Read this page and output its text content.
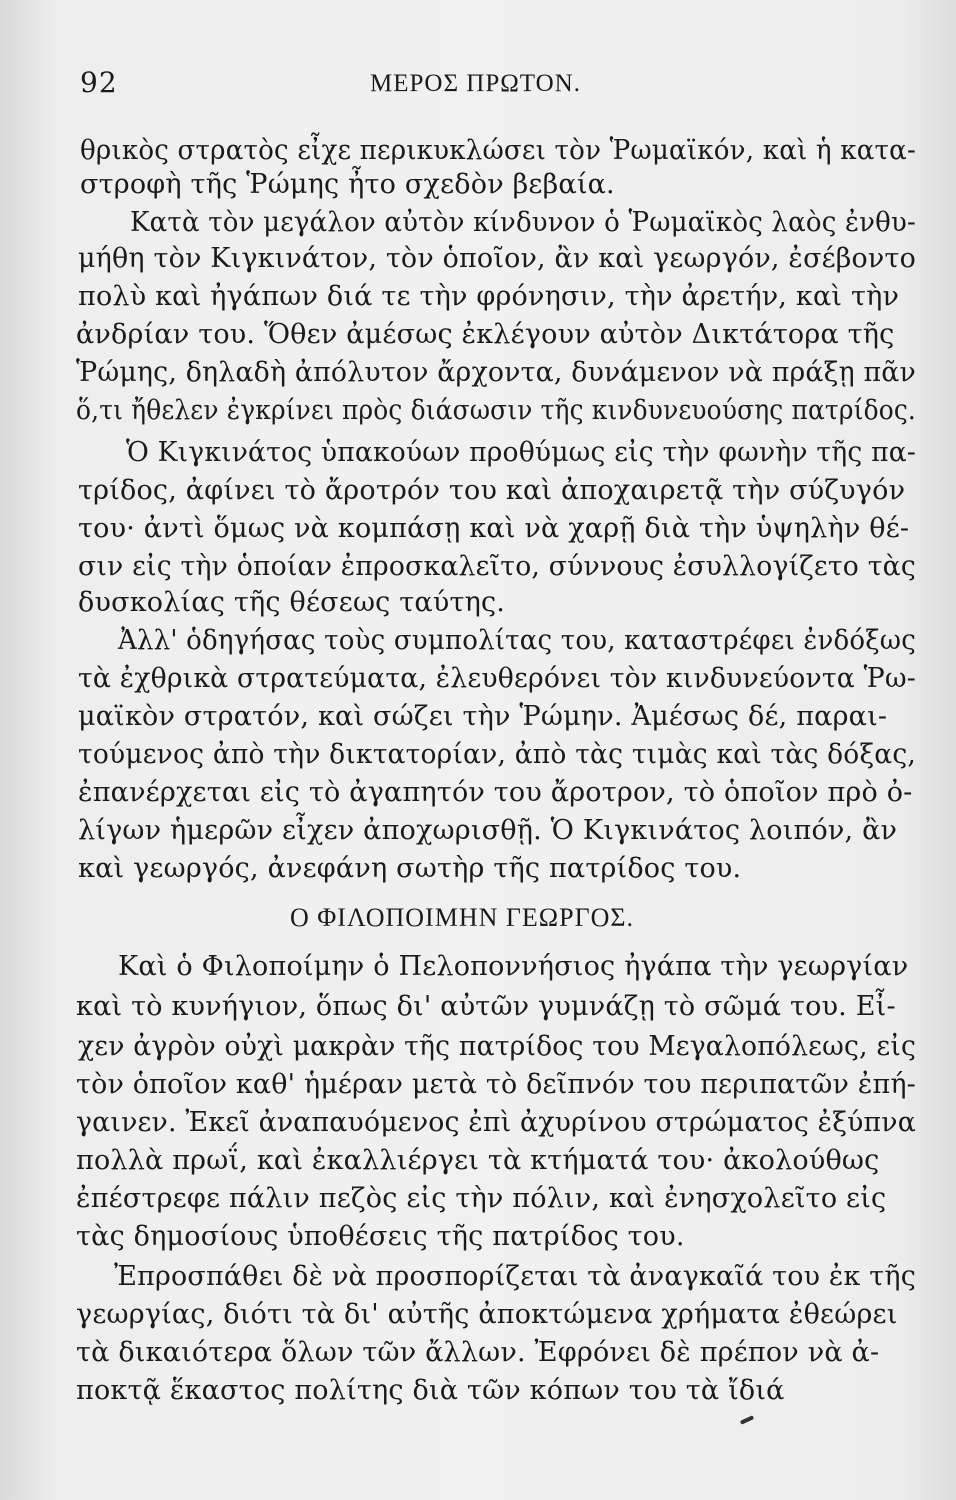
92	ΜΕΡΟΣ ΠΡΩΤΟΝ.
θρικὸς στρατὸς εἶχε περικυκλώσει τὸν Ῥωμαϊκόν, καὶ ἡ κατα-
στροφὴ τῆς Ῥώμης ἦτο σχεδὸν βεβαία.
Κατὰ τὸν μεγάλον αὐτὸν κίνδυνον ὁ Ῥωμαϊκὸς λαὸς ἐνθυ-
μήθη τὸν Κιγκινάτον, τὸν ὁποῖον, ἂν καὶ γεωργόν, ἐσέβοντο
πολὺ καὶ ἠγάπων διά τε τὴν φρόνησιν, τὴν ἀρετήν, καὶ τὴν
ἀνδρίαν του. Ὅθεν ἀμέσως ἐκλέγουν αὐτὸν Δικτάτορα τῆς
Ῥώμης, δηλαδὴ ἀπόλυτον ἄρχοντα, δυνάμενον νὰ πράξῃ πᾶν
ὅ,τι ἤθελεν ἐγκρίνει πρὸς διάσωσιν τῆς κινδυνευούσης πατρίδος.
Ὁ Κιγκινάτος ὑπακούων προθύμως εἰς τὴν φωνὴν τῆς πα-
τρίδος, ἀφίνει τὸ ἄροτρόν του καὶ ἀποχαιρετᾷ τὴν σύζυγόν
του· ἀντὶ ὅμως νὰ κομπάσῃ καὶ νὰ χαρῇ διὰ τὴν ὑψηλὴν θέ-
σιν εἰς τὴν ὁποίαν ἐπροσκαλεῖτο, σύννους ἐσυλλογίζετο τὰς
δυσκολίας τῆς θέσεως ταύτης.
Ἀλλ' ὁδηγήσας τοὺς συμπολίτας του, καταστρέφει ἐνδόξως
τὰ ἐχθρικὰ στρατεύματα, ἐλευθερόνει τὸν κινδυνεύοντα Ῥω-
μαϊκὸν στρατόν, καὶ σώζει τὴν Ῥώμην. Ἀμέσως δέ, παραι-
τούμενος ἀπὸ τὴν δικτατορίαν, ἀπὸ τὰς τιμὰς καὶ τὰς δόξας,
ἐπανέρχεται εἰς τὸ ἀγαπητόν του ἄροτρον, τὸ ὁποῖον πρὸ ὀ-
λίγων ἡμερῶν εἶχεν ἀποχωρισθῇ. Ὁ Κιγκινάτος λοιπόν, ἂν
καὶ γεωργός, ἀνεφάνη σωτὴρ τῆς πατρίδος του.
Καὶ ὁ Φιλοποίμην ὁ Πελοποννήσιος ἠγάπα τὴν γεωργίαν
καὶ τὸ κυνήγιον, ὅπως δι' αὐτῶν γυμνάζῃ τὸ σῶμά του. Εἶ-
χεν ἀγρὸν οὐχὶ μακρὰν τῆς πατρίδος του Μεγαλοπόλεως, εἰς
τὸν ὁποῖον καθ' ἡμέραν μετὰ τὸ δεῖπνόν του περιπατῶν ἐπή-
γαινεν. Ἐκεῖ ἀναπαυόμενος ἐπὶ ἀχυρίνου στρώματος ἐξύπνα
πολλὰ πρωΐ, καὶ ἐκαλλιέργει τὰ κτήματά του· ἀκολούθως
ἐπέστρεφε πάλιν πεζὸς εἰς τὴν πόλιν, καὶ ἐνησχολεῖτο εἰς
τὰς δημοσίους ὑποθέσεις τῆς πατρίδος του.
Ἐπροσπάθει δὲ νὰ προσπορίζεται τὰ ἀναγκαῖά του ἐκ τῆς
γεωργίας, διότι τὰ δι' αὐτῆς ἀποκτώμενα χρήματα ἐθεώρει
τὰ δικαιότερα ὅλων τῶν ἄλλων. Ἐφρόνει δὲ πρέπον νὰ ἀ-
ποκτᾷ ἕκαστος πολίτης διὰ τῶν κόπων του τὰ ἴδιά
Ο ΦΙΛΟΠΟΙΜΗΝ ΓΕΩΡΓΟΣ.
